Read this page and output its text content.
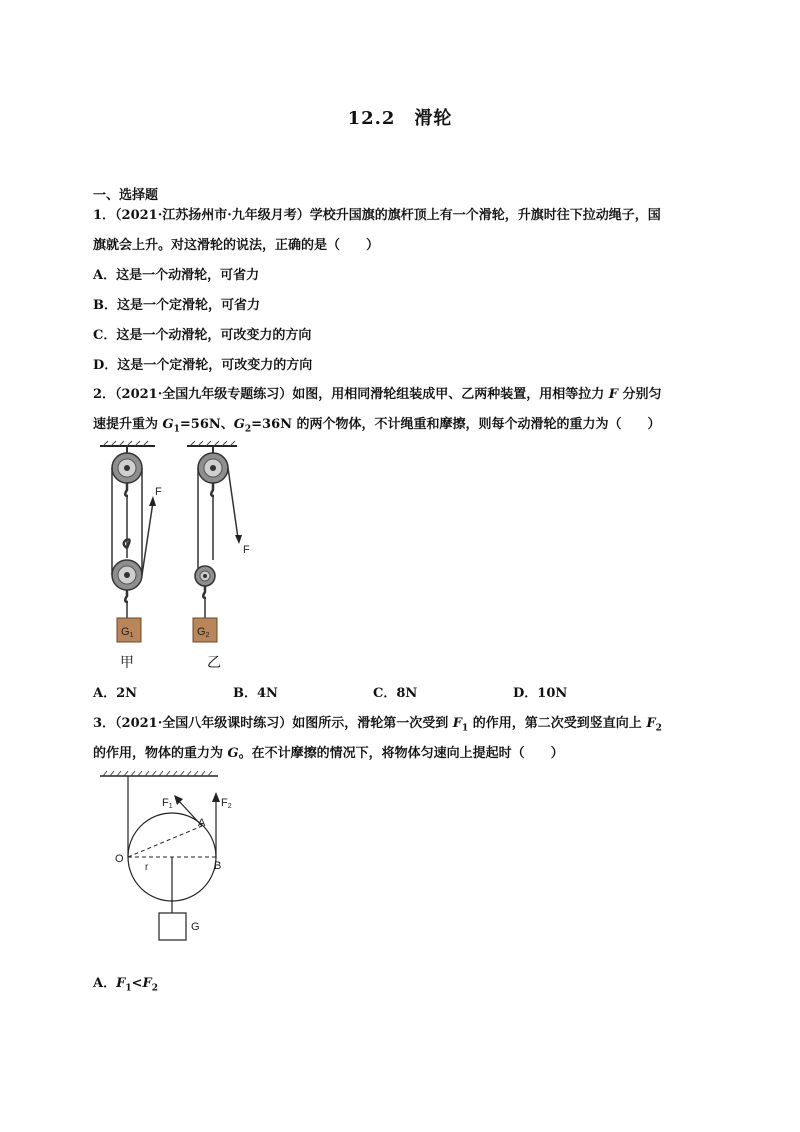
12.2　滑轮
一、选择题
1．（2021·江苏扬州市·九年级月考）学校升国旗的旗杆顶上有一个滑轮，升旗时往下拉动绳子，国
旗就会上升。对这滑轮的说法，正确的是（　　）
A．这是一个动滑轮，可省力
B．这是一个定滑轮，可省力
C．这是一个动滑轮，可改变力的方向
D．这是一个定滑轮，可改变力的方向
2．（2021·全国九年级专题练习）如图，用相同滑轮组装成甲、乙两种装置，用相等拉力 F 分别匀
速提升重为 $G_1=56N$、$G_2=36N$ 的两个物体，不计绳重和摩擦，则每个动滑轮的重力为（　　）
F
F
G1	G2
甲	乙
A．2N	B．4N	C．8N	D．10N
3．（2021·全国八年级课时练习）如图所示，滑轮第一次受到 $F_1$ 的作用，第二次受到竖直向上 $F_2$
的作用，物体的重力为 G。在不计摩擦的情况下，将物体匀速向上提起时（　　）
F1	F2
A
O
B
r
G
A．$F_1<F_2$
